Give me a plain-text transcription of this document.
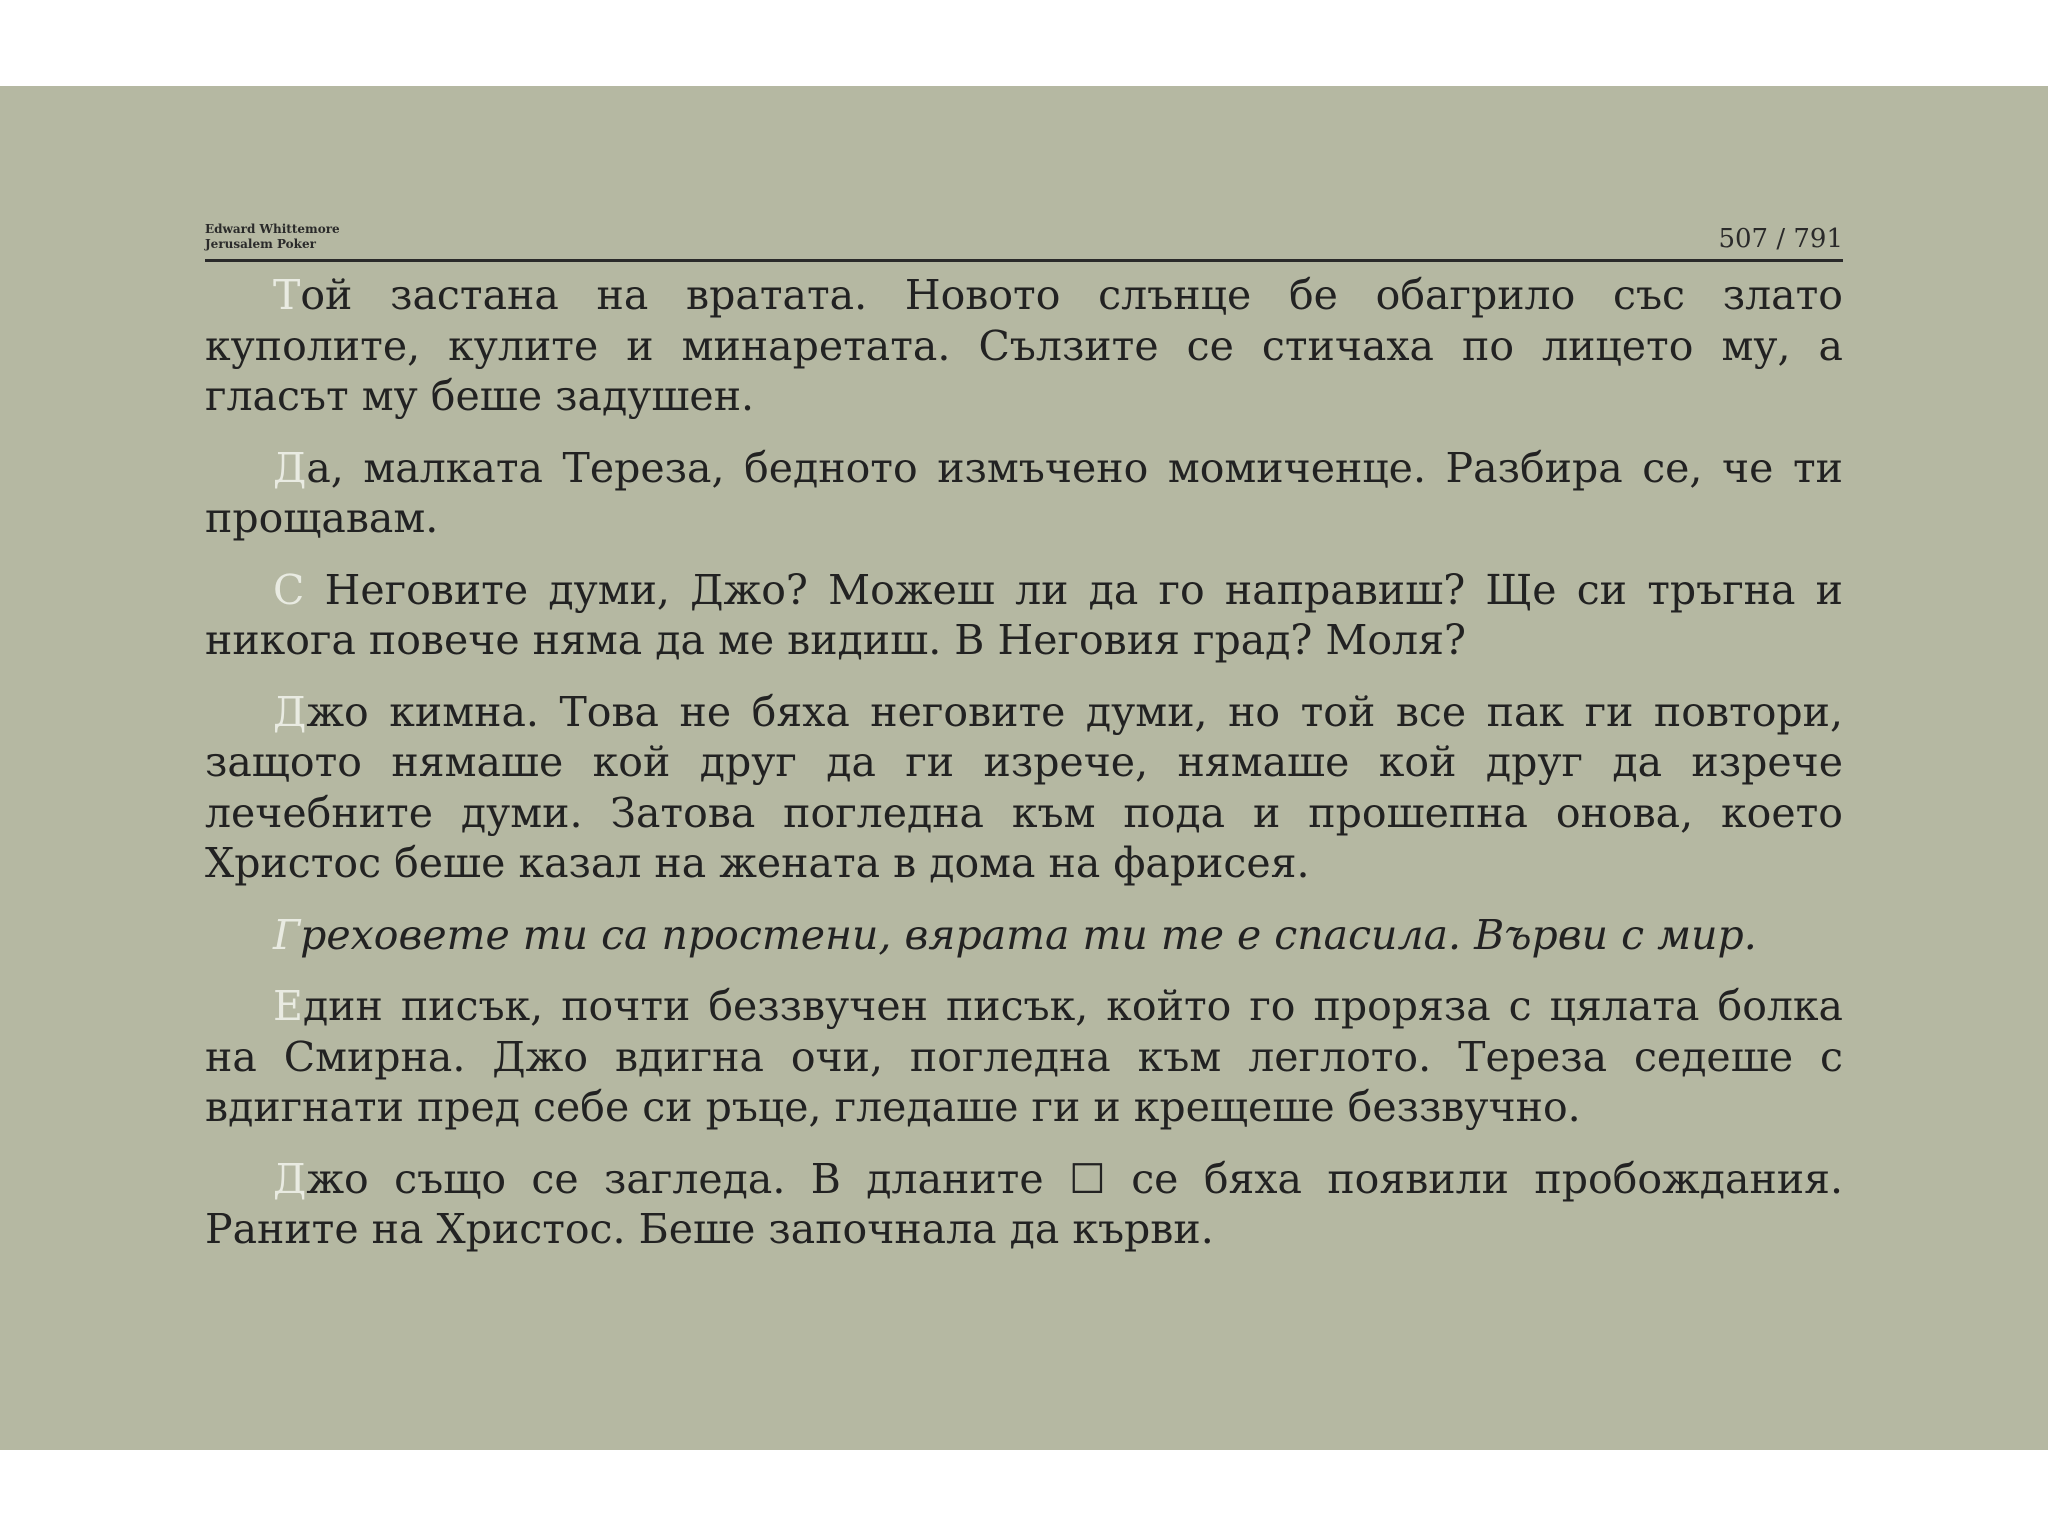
Edward Whittemore
Jerusalem Poker	507 / 791

Той застана на вратата. Новото слънце бе обагрило със злато куполите, кулите и минаретата. Сълзите се стичаха по лицето му, а гласът му беше задушен.

Да, малката Тереза, бедното измъчено момиченце. Разбира се, че ти прощавам.

С Неговите думи, Джо? Можеш ли да го направиш? Ще си тръгна и никога повече няма да ме видиш. В Неговия град? Моля?

Джо кимна. Това не бяха неговите думи, но той все пак ги повтори, защото нямаше кой друг да ги изрече, нямаше кой друг да изрече лечебните думи. Затова погледна към пода и прошепна онова, което Христос беше казал на жената в дома на фарисея.

Греховете ти са простени, вярата ти те е спасила. Върви с мир.

Един писък, почти беззвучен писък, който го проряза с цялата болка на Смирна. Джо вдигна очи, погледна към леглото. Тереза седеше с вдигнати пред себе си ръце, гледаше ги и крещеше беззвучно.

Джо също се загледа. В дланите ☐ се бяха появили пробождания. Раните на Христос. Беше започнала да кърви.
